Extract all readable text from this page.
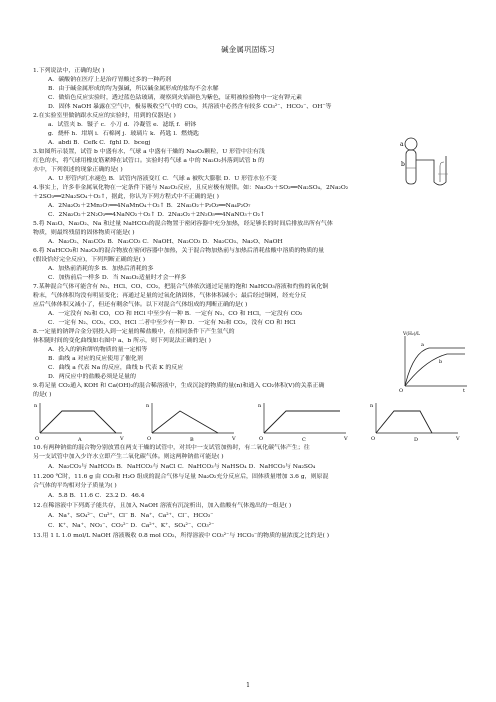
碱金属巩固练习
1.下列说法中，正确的是( )
A．碳酸钠在医疗上是治疗胃酸过多的一种药剂
B．由于碱金属形成的均为强碱，所以碱金属形成的盐均不会水解
C．做焰色反应实验时，透过蓝色钴玻璃，观察到火焰颜色为紫色，证明被检验物中一定有钾元素
D．固体 NaOH 暴露在空气中，极易吸收空气中的 CO₂，其溶液中必然含有较多 CO₃²⁻、HCO₃⁻、OH⁻等
2.在实验室里做钠跟水反应的实验时，用到的仪器是( )
a．试管夹 b．镊子 c．小刀 d．冷凝管 e．滤纸 f．研钵
g．烧杯 h．坩埚 i．石棉网 j．玻璃片 k．药匙 l．燃烧匙
A．abdi B．Cefk C．fghl D．bcegj
3.如图所示装置，试管 b 中盛有水，气球 a 中盛有干燥的 Na₂O₂颗粒，U 形管中注有浅
红色的水，将气球用橡皮筋紧缚在试管口。实验时将气球 a 中的 Na₂O₂抖落到试管 b 的
水中，下列叙述的现象正确的是( )
A．U 形管内红水褪色 B．试管内溶液变红 C．气球 a 被吹大膨胀 D．U 形管水位不变
4.事实上，许多非金属氧化物在一定条件下能与 Na₂O₂反应，且反应极有规律。如：Na₂O₂＋SO₂══Na₂SO₄，2Na₂O₂
＋2SO₃══2Na₂SO₄＋O₂↑，据此，你认为下列方程式中不正确的是( )
A．2Na₂O₂＋2Mn₂O₇══4NaMnO₄＋O₂↑ B．2Na₂O₂＋P₂O₃══Na₄P₂O₇
C．2Na₂O₂＋2N₂O₃══4NaNO₂＋O₂↑ D．2Na₂O₂＋2N₂O₅══4NaNO₃＋O₂↑
5.将 Na₂O、Na₂O₂、Na 和过量 NaHCO₃的混合物置于密闭容器中充分加热，经足够长的时间后排放出所有气体
物质，则最终残留的固体物质可能是( )
A．Na₂O₂、Na₂CO₃ B．Na₂CO₃ C．NaOH、Na₂CO₃ D．Na₂CO₃、Na₂O、NaOH
6.将 NaHCO₃和 Na₂O₂的混合物放在密闭容器中加热，关于混合物加热前与加热后消耗盐酸中溶质的物质的量
(假设恰好完全反应)，下列判断正确的是( )
A．加热前消耗的多 B．加热后消耗的多
C．加热前后一样多 D．当 Na₂O₂适量时才会一样多
7.某种混合气体可能含有 N₂、HCl、CO、CO₂，把混合气体依次通过足量的饱和 NaHCO₃溶液和灼热的氧化铜
粉末，气体体积均没有明显变化；再通过足量的过氧化钠固体，气体体积减小；最后经过铜网，经充分反
应后气体体积又减小了，但还有剩余气体。以下对混合气体组成的判断正确的是( )
A．一定没有 N₂和 CO，CO 和 HCl 中至少有一种 B．一定有 N₂、CO 和 HCl，一定没有 CO₂
C．一定有 N₂、CO₂、CO、HCl 二者中至少有一种 D．一定有 N₂和 CO₂，没有 CO 和 HCl
8.一定量的钠钾合金分别投入到一定量的稀盐酸中，在相同条件下产生氢气的
体积随时间的变化曲线如右图中 a、b 所示，则下列说法正确的是( )
A．投入的钠和钾的物质的量一定相等
B．曲线 a 对应的反应使用了催化剂
C．曲线 a 代表 Na 的反应，曲线 b 代表 K 的反应
D．两反应中的盐酸必须是足量的
9.将足量 CO₂通入 KOH 和 Ca(OH)₂的混合稀溶液中，生成沉淀的物质的量(n)和通入 CO₂体积(V)的关系正确
的是( )
10.有两种钠盐的混合物分别放置在两支干燥的试管中，对其中一支试管加热时，有二氧化碳气体产生；往
另一支试管中加入少许水立即产生二氧化碳气体。则这两种钠盐可能是( )
A．Na₂CO₃与 NaHCO₃ B．NaHCO₃与 NaCl C．NaHCO₃与 NaHSO₄ D．NaHCO₃与 Na₂SO₄
11.200 ℃时，11.6 g 由 CO₂和 H₂O 组成的混合气体与足量 Na₂O₂充分反应后，固体质量增加 3.6 g，则原混
合气体的平均相对分子质量为( )
A．5.8 B．11.6 C．23.2 D．46.4
12.在稀溶液中下列离子能共存，且加入 NaOH 溶液有沉淀析出，加入盐酸有气体逸出的一组是( )
A．Na⁺、SO₄²⁻、Cu²⁺、Cl⁻ B．Na⁺、Ca²⁺、Cl⁻、HCO₃⁻
C．K⁺、Na⁺、NO₃⁻、CO₃²⁻ D．Ca²⁺、K⁺、SO₄²⁻、CO₃²⁻
13.用 1 L 1.0 mol/L NaOH 溶液吸收 0.8 mol CO₂，所得溶液中 CO₃²⁻与 HCO₃⁻的物质的量浓度之比约是( )
a
b
V(H₂)/L
t
O
a
b
n
V
O	A
n
V
O	B
n
V
O	C
n
V
O	D
1
